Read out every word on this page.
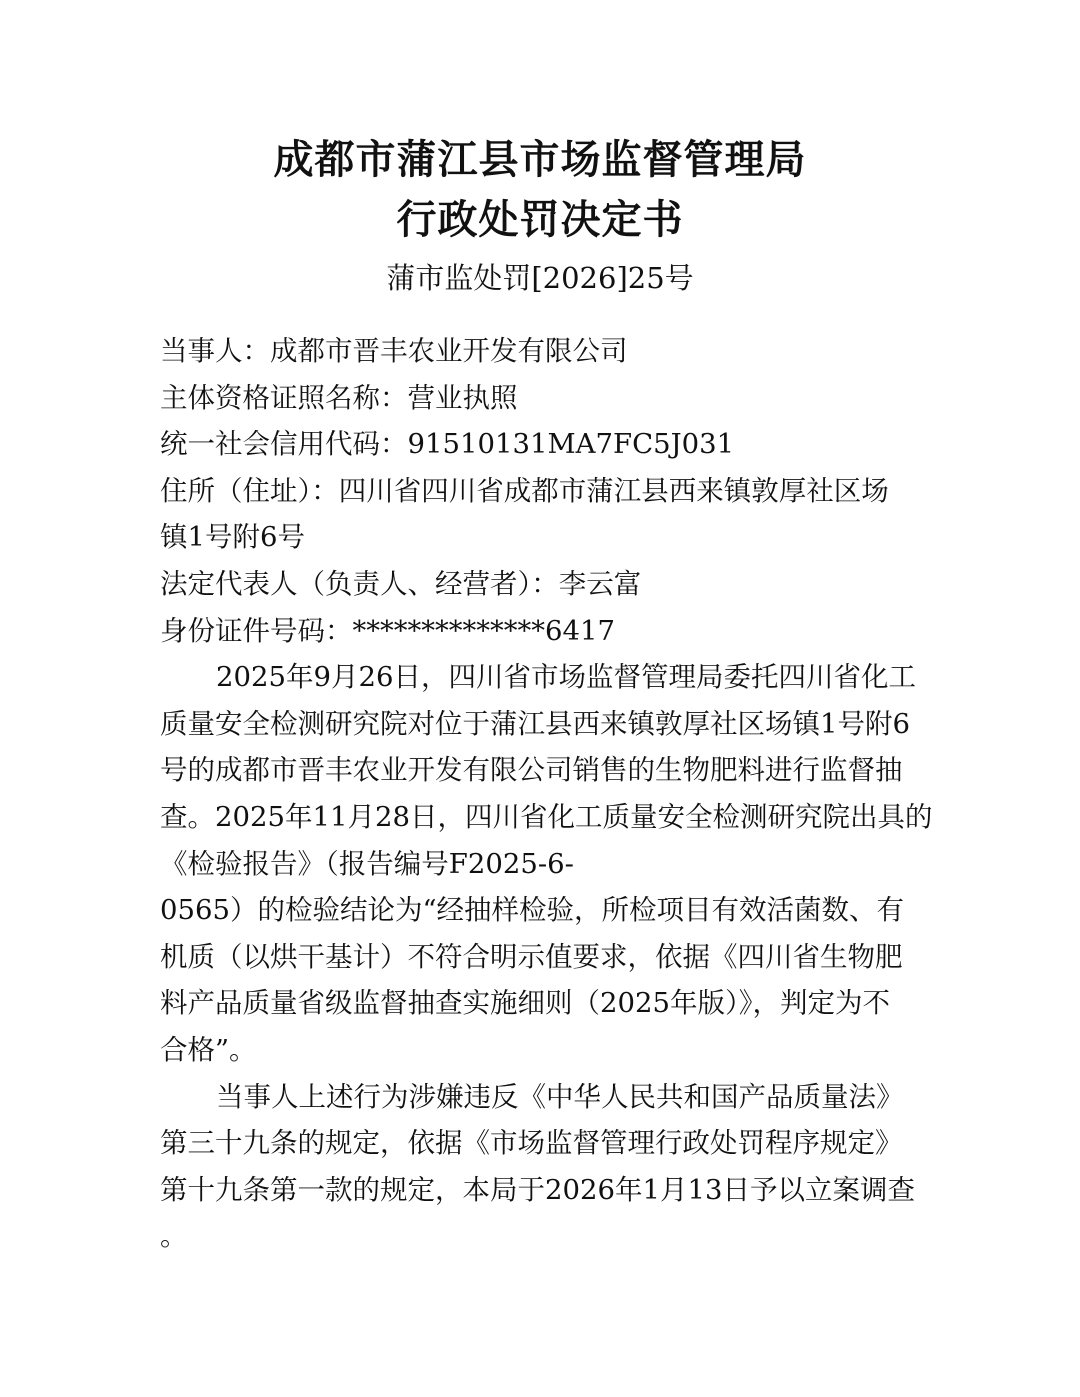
成都市蒲江县市场监督管理局
行政处罚决定书

蒲市监处罚[2026]25号

当事人：成都市晋丰农业开发有限公司
主体资格证照名称：营业执照
统一社会信用代码：91510131MA7FC5J031
住所（住址）：四川省四川省成都市蒲江县西来镇敦厚社区场
镇1号附6号
法定代表人（负责人、经营者）：李云富
身份证件号码：**************6417
2025年9月26日，四川省市场监督管理局委托四川省化工
质量安全检测研究院对位于蒲江县西来镇敦厚社区场镇1号附6
号的成都市晋丰农业开发有限公司销售的生物肥料进行监督抽
查。2025年11月28日，四川省化工质量安全检测研究院出具的
《检验报告》（报告编号F2025-6-
0565）的检验结论为“经抽样检验，所检项目有效活菌数、有
机质（以烘干基计）不符合明示值要求，依据《四川省生物肥
料产品质量省级监督抽查实施细则（2025年版）》，判定为不
合格”。
当事人上述行为涉嫌违反《中华人民共和国产品质量法》
第三十九条的规定，依据《市场监督管理行政处罚程序规定》
第十九条第一款的规定，本局于2026年1月13日予以立案调查
。
